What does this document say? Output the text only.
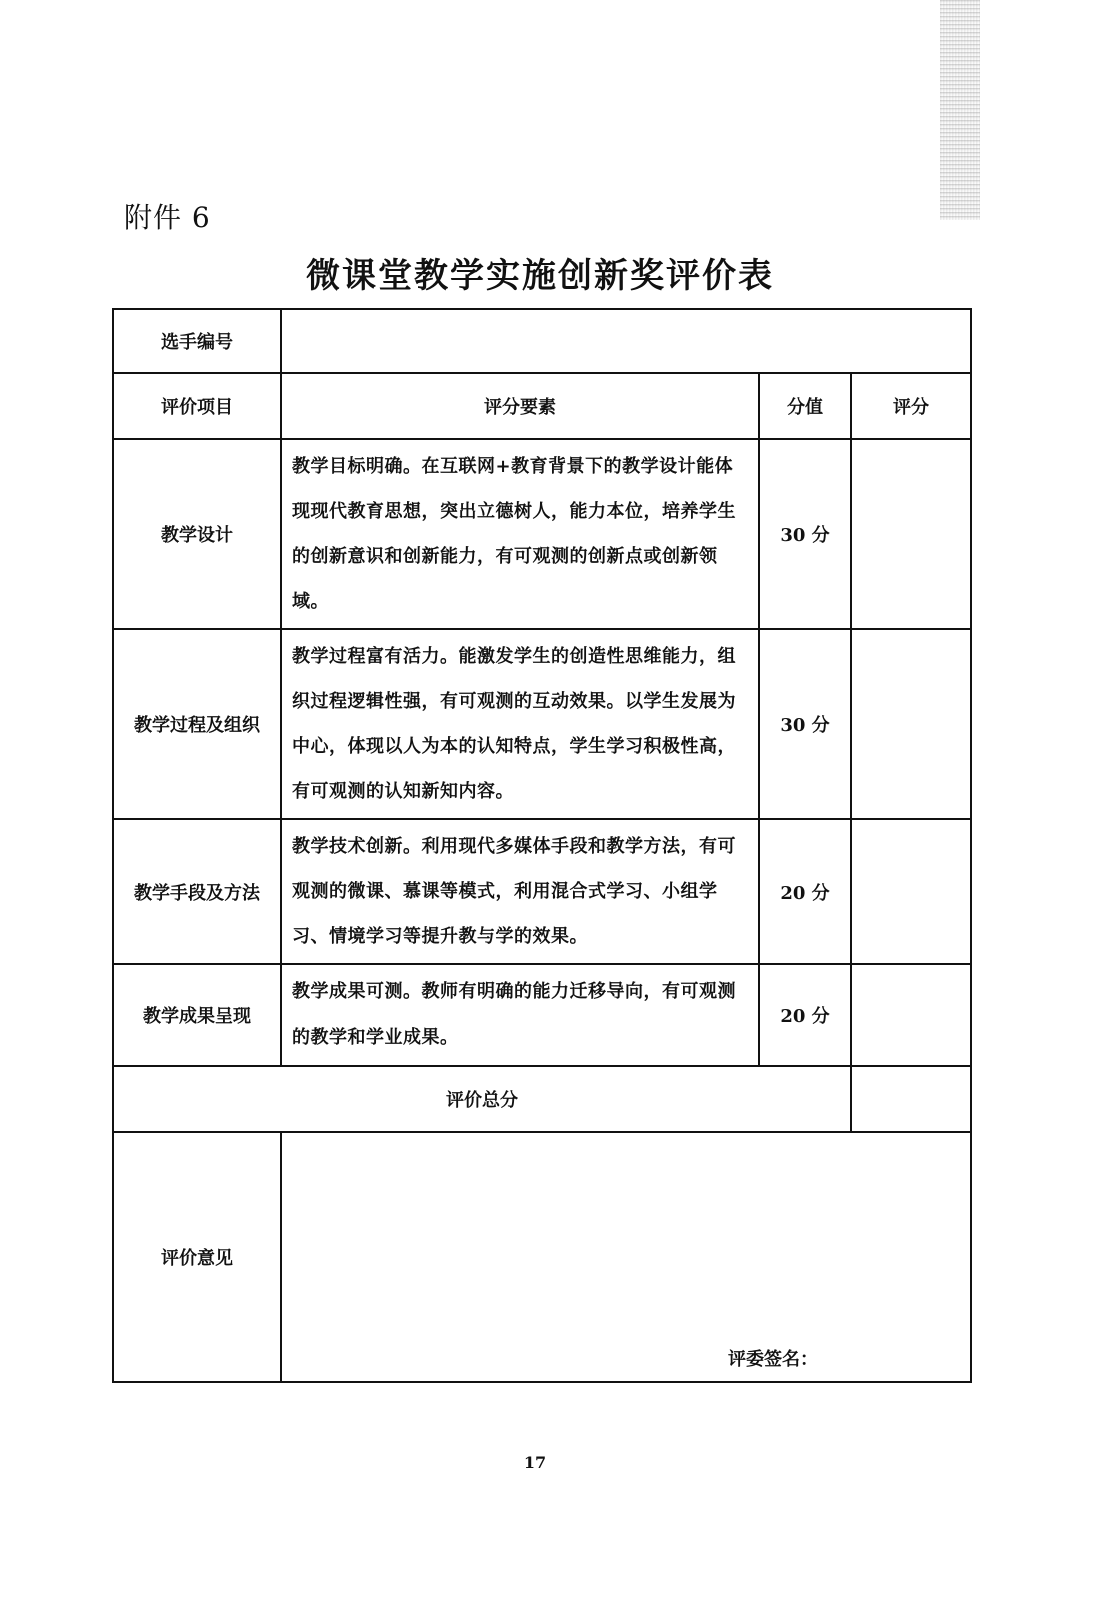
附件 6
微课堂教学实施创新奖评价表
选手编号			
评价项目	评分要素	分值	评分
教学设计	教学目标明确。在互联网+教育背景下的教学设计能体现现代教育思想，突出立德树人，能力本位，培养学生的创新意识和创新能力，有可观测的创新点或创新领域。	30 分	
教学过程及组织	教学过程富有活力。能激发学生的创造性思维能力，组织过程逻辑性强，有可观测的互动效果。以学生发展为中心，体现以人为本的认知特点，学生学习积极性高，有可观测的认知新知内容。	30 分	
教学手段及方法	教学技术创新。利用现代多媒体手段和教学方法，有可观测的微课、慕课等模式，利用混合式学习、小组学习、情境学习等提升教与学的效果。	20 分	
教学成果呈现	教学成果可测。教师有明确的能力迁移导向，有可观测的教学和学业成果。	20 分	
评价总分			
评价意见	评委签名：		
17
